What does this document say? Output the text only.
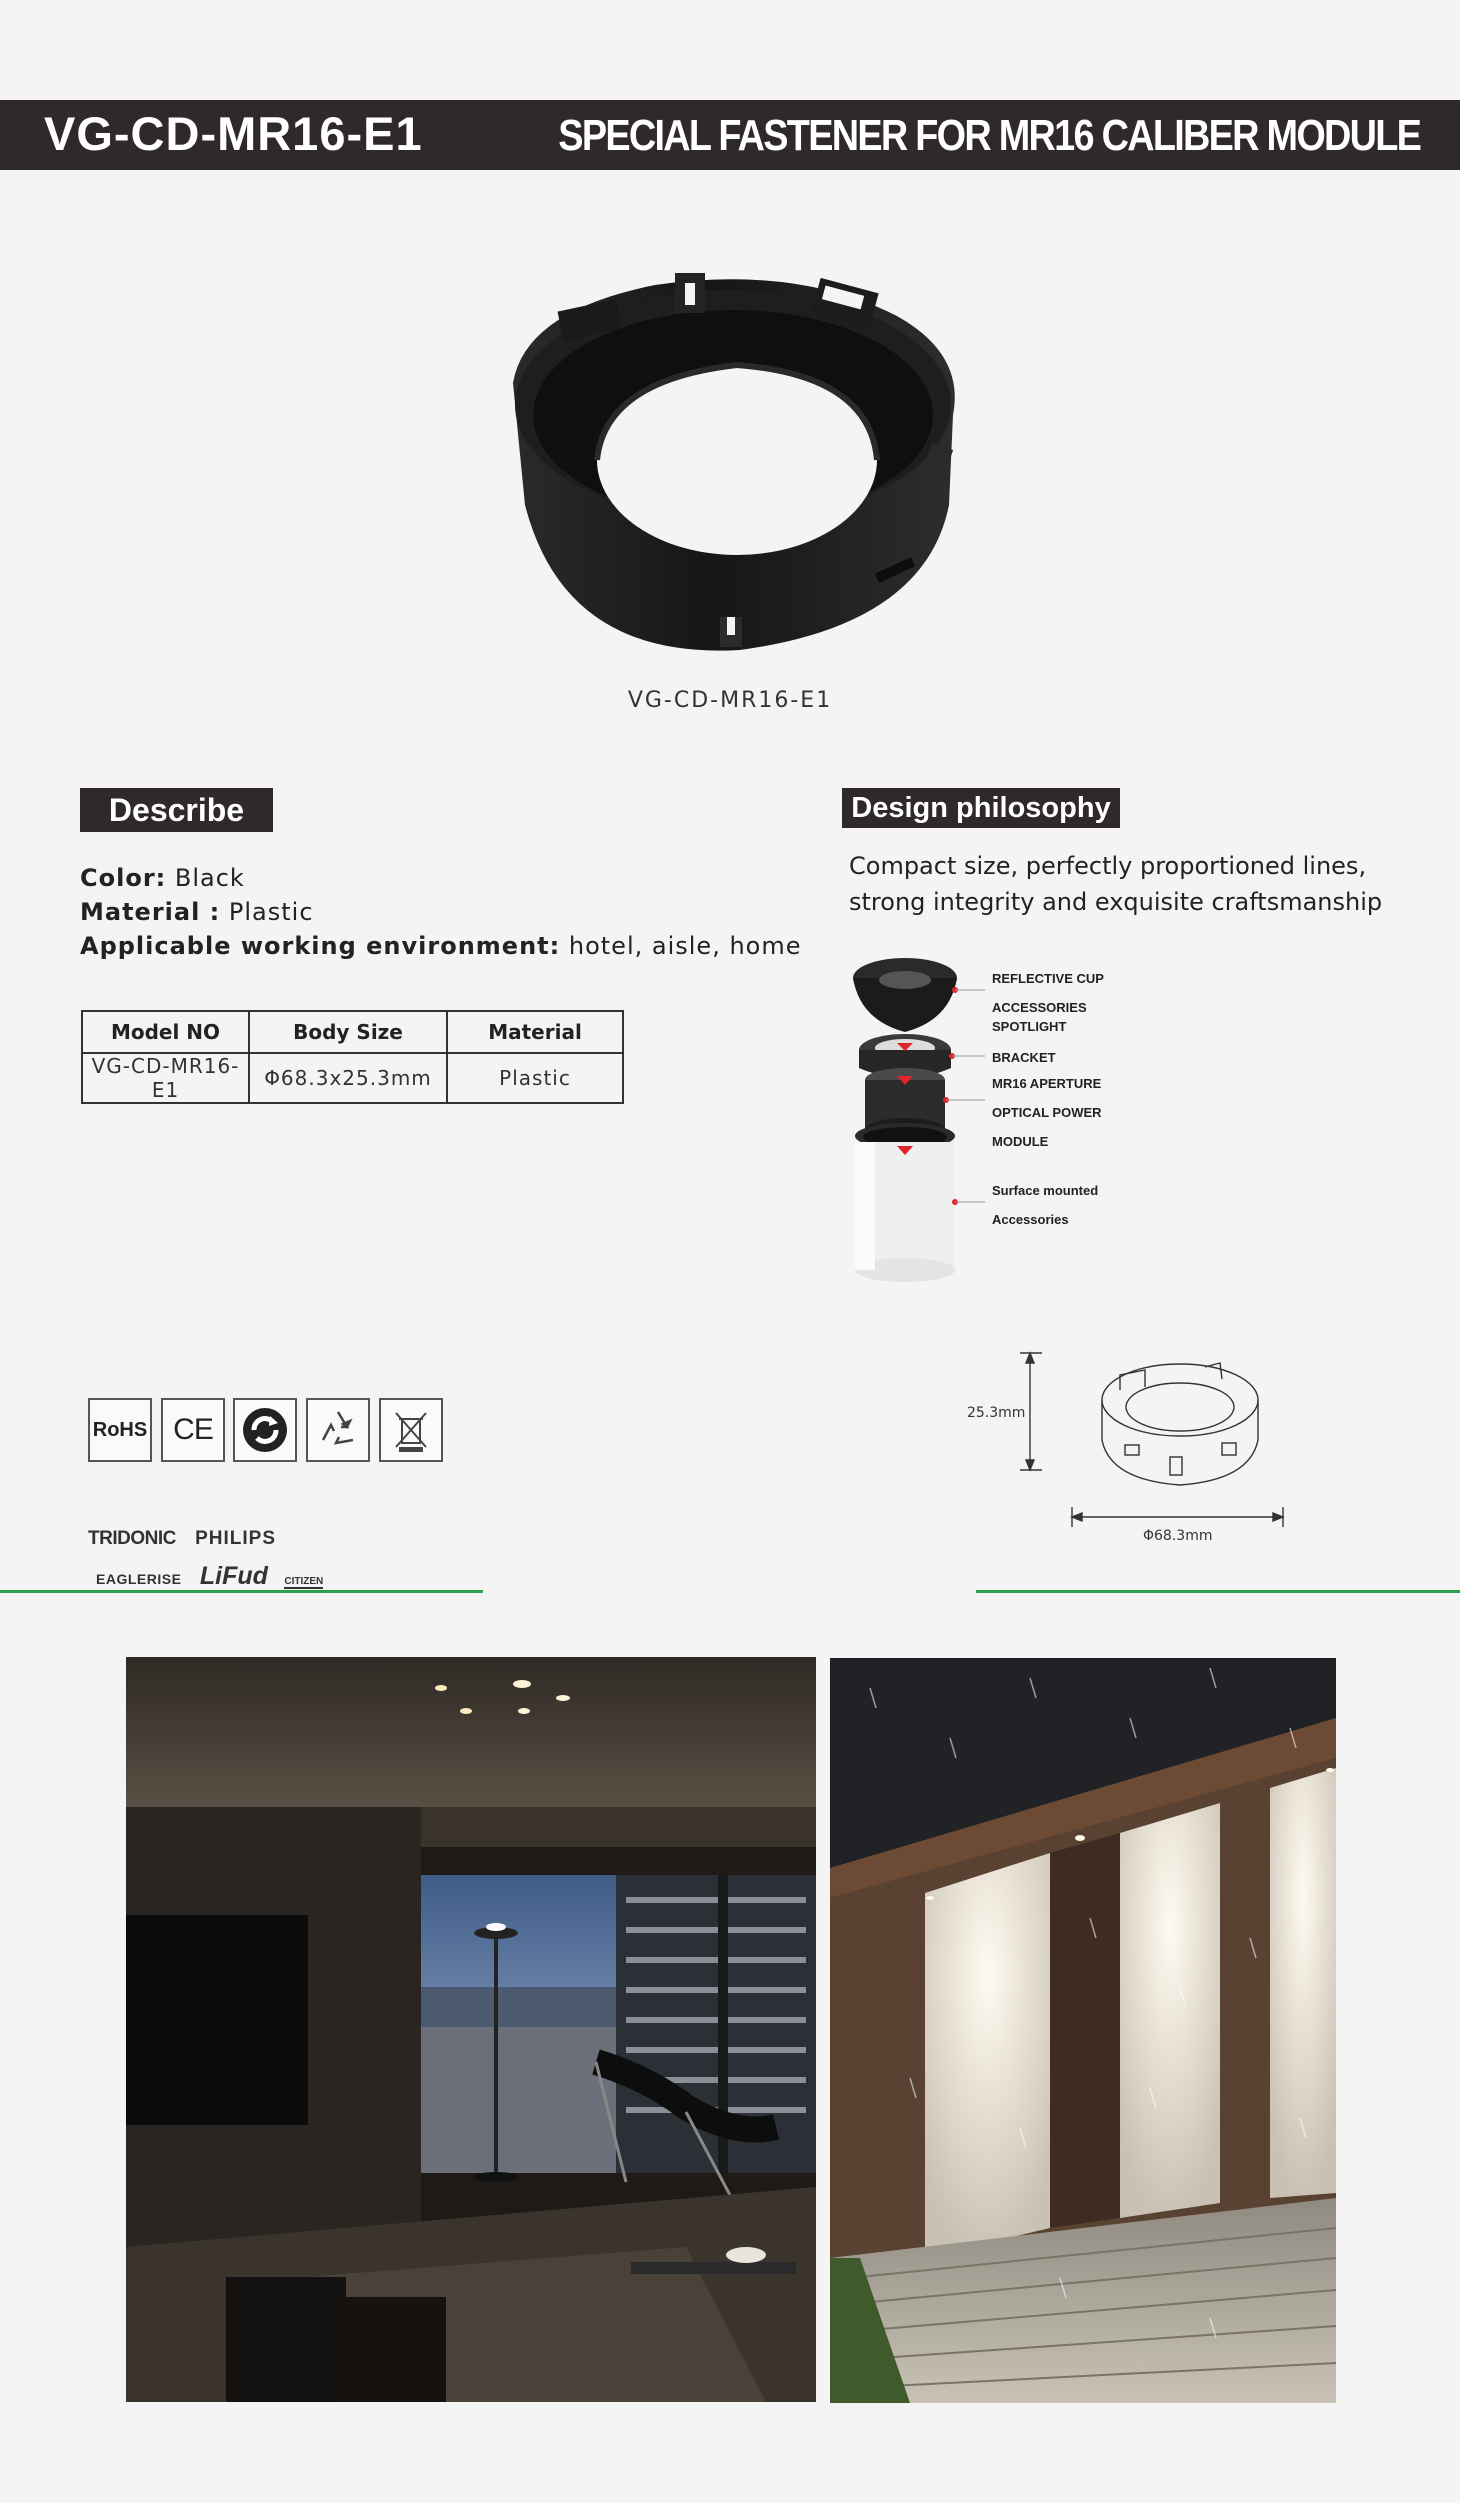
VG-CD-MR16-E1	SPECIAL FASTENER FOR MR16 CALIBER MODULE
VG-CD-MR16-E1
Describe
Color: Black
Material : Plastic
Applicable working environment: hotel, aisle, home
Model NO	Body Size	Material
VG-CD-MR16-E1	Φ68.3x25.3mm	Plastic
Design philosophy
Compact size, perfectly proportioned lines, strong integrity and exquisite craftsmanship
REFLECTIVE CUP
ACCESSORIES
SPOTLIGHT
BRACKET
MR16 APERTURE
OPTICAL POWER
MODULE
Surface mounted
Accessories
25.3mm
Φ68.3mm
RoHS CE
TRIDONIC PHILIPS
EAGLERISE LiFud CITIZEN
